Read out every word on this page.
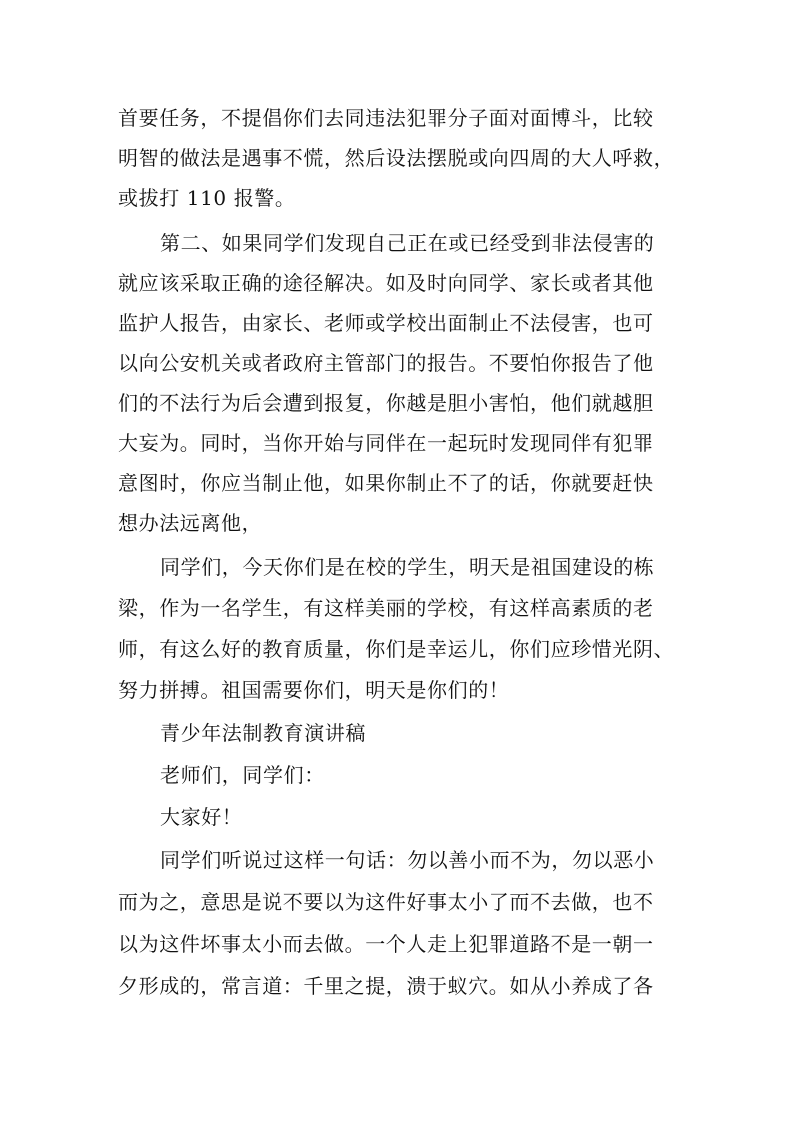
首要任务，不提倡你们去同违法犯罪分子面对面博斗，比较
明智的做法是遇事不慌，然后设法摆脱或向四周的大人呼救，
或拔打 110 报警。
第二、如果同学们发现自己正在或已经受到非法侵害的
就应该采取正确的途径解决。如及时向同学、家长或者其他
监护人报告，由家长、老师或学校出面制止不法侵害，也可
以向公安机关或者政府主管部门的报告。不要怕你报告了他
们的不法行为后会遭到报复，你越是胆小害怕，他们就越胆
大妄为。同时，当你开始与同伴在一起玩时发现同伴有犯罪
意图时，你应当制止他，如果你制止不了的话，你就要赶快
想办法远离他，
同学们，今天你们是在校的学生，明天是祖国建设的栋
梁，作为一名学生，有这样美丽的学校，有这样高素质的老
师，有这么好的教育质量，你们是幸运儿，你们应珍惜光阴、
努力拼搏。祖国需要你们，明天是你们的！
青少年法制教育演讲稿
老师们，同学们：
大家好！
同学们听说过这样一句话：勿以善小而不为，勿以恶小
而为之，意思是说不要以为这件好事太小了而不去做，也不
以为这件坏事太小而去做。一个人走上犯罪道路不是一朝一
夕形成的，常言道：千里之提，溃于蚁穴。如从小养成了各
